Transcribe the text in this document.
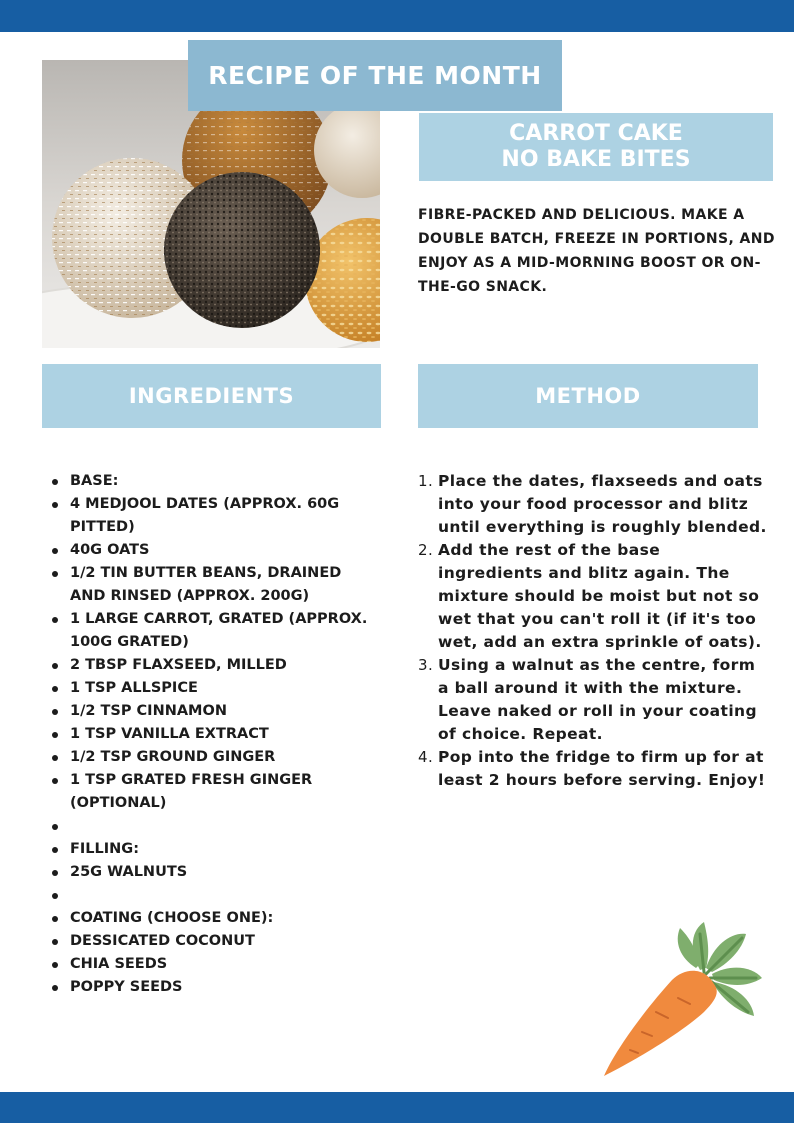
RECIPE OF THE MONTH
CARROT CAKE
NO BAKE BITES
FIBRE-PACKED AND DELICIOUS. MAKE A DOUBLE BATCH, FREEZE IN PORTIONS, AND ENJOY AS A MID-MORNING BOOST OR ON-THE-GO SNACK.
INGREDIENTS	METHOD
BASE:
4 MEDJOOL DATES (APPROX. 60G PITTED)
40G OATS
1/2 TIN BUTTER BEANS, DRAINED AND RINSED (APPROX. 200G)
1 LARGE CARROT, GRATED (APPROX. 100G GRATED)
2 TBSP FLAXSEED, MILLED
1 TSP ALLSPICE
1/2 TSP CINNAMON
1 TSP VANILLA EXTRACT
1/2 TSP GROUND GINGER
1 TSP GRATED FRESH GINGER (OPTIONAL)
FILLING:
25G WALNUTS
COATING (CHOOSE ONE):
DESSICATED COCONUT
CHIA SEEDS
POPPY SEEDS
1. Place the dates, flaxseeds and oats into your food processor and blitz until everything is roughly blended.
2. Add the rest of the base ingredients and blitz again. The mixture should be moist but not so wet that you can't roll it (if it's too wet, add an extra sprinkle of oats).
3. Using a walnut as the centre, form a ball around it with the mixture. Leave naked or roll in your coating of choice. Repeat.
4. Pop into the fridge to firm up for at least 2 hours before serving. Enjoy!
